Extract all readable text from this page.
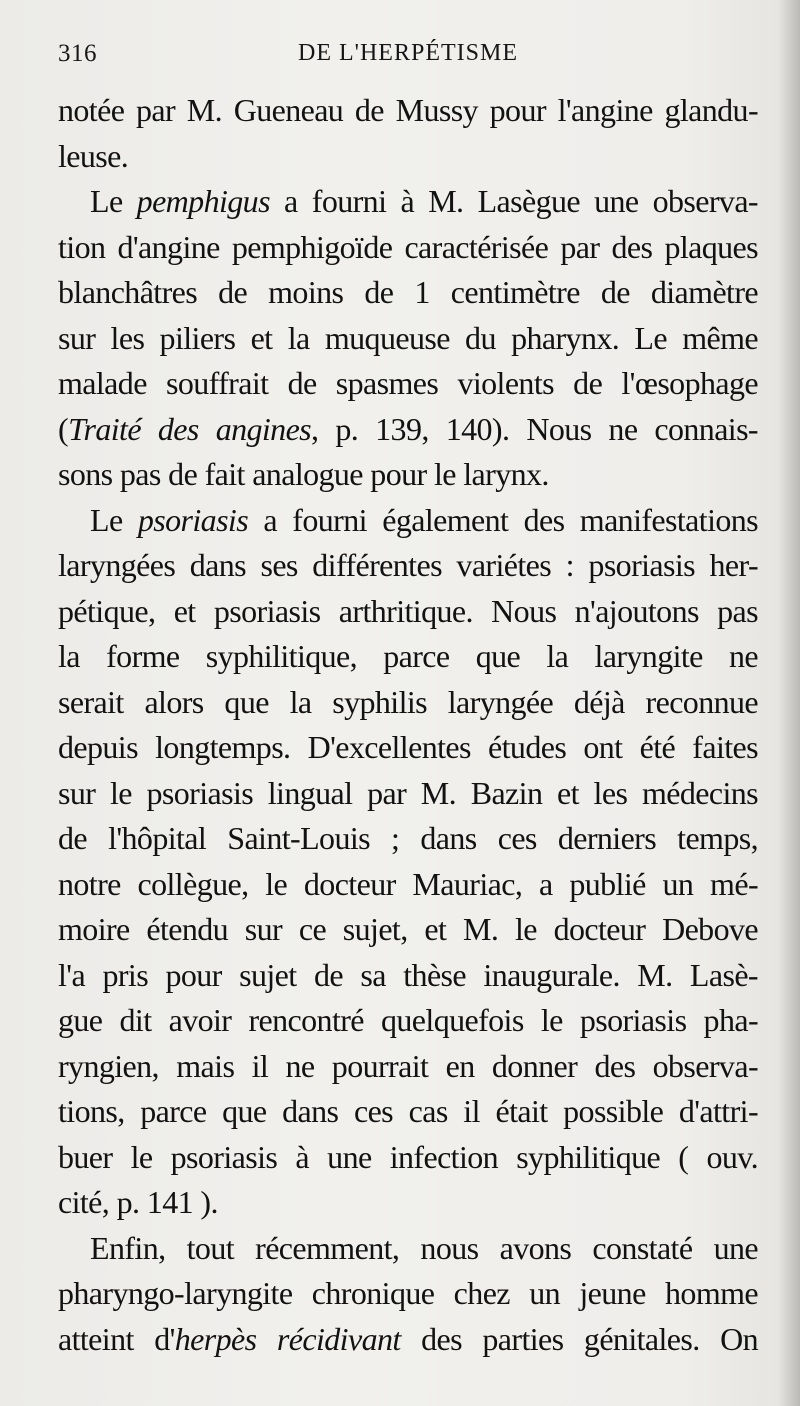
316	DE L'HERPÉTISME
notée par M. Gueneau de Mussy pour l'angine glandu-
leuse.
Le pemphigus a fourni à M. Lasègue une observa-
tion d'angine pemphigoïde caractérisée par des plaques
blanchâtres de moins de 1 centimètre de diamètre
sur les piliers et la muqueuse du pharynx. Le même
malade souffrait de spasmes violents de l'œsophage
(Traité des angines, p. 139, 140). Nous ne connais-
sons pas de fait analogue pour le larynx.
Le psoriasis a fourni également des manifestations
laryngées dans ses différentes variétes : psoriasis her-
pétique, et psoriasis arthritique. Nous n'ajoutons pas
la forme syphilitique, parce que la laryngite ne
serait alors que la syphilis laryngée déjà reconnue
depuis longtemps. D'excellentes études ont été faites
sur le psoriasis lingual par M. Bazin et les médecins
de l'hôpital Saint-Louis ; dans ces derniers temps,
notre collègue, le docteur Mauriac, a publié un mé-
moire étendu sur ce sujet, et M. le docteur Debove
l'a pris pour sujet de sa thèse inaugurale. M. Lasè-
gue dit avoir rencontré quelquefois le psoriasis pha-
ryngien, mais il ne pourrait en donner des observa-
tions, parce que dans ces cas il était possible d'attri-
buer le psoriasis à une infection syphilitique ( ouv.
cité, p. 141 ).
Enfin, tout récemment, nous avons constaté une
pharyngo-laryngite chronique chez un jeune homme
atteint d'herpès récidivant des parties génitales. On
